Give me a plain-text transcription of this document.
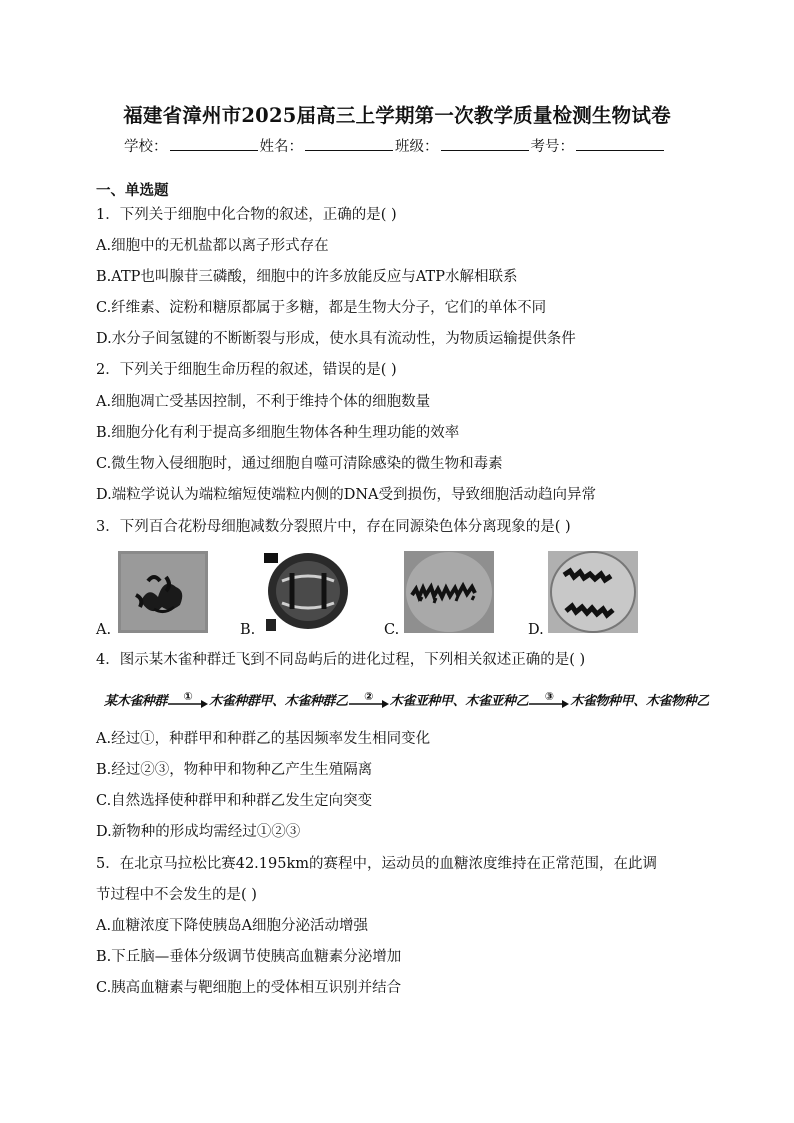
福建省漳州市2025届高三上学期第一次教学质量检测生物试卷
学校：	姓名：	班级：	考号：
一、单选题
1．下列关于细胞中化合物的叙述，正确的是( )
A.细胞中的无机盐都以离子形式存在
B.ATP也叫腺苷三磷酸，细胞中的许多放能反应与ATP水解相联系
C.纤维素、淀粉和糖原都属于多糖，都是生物大分子，它们的单体不同
D.水分子间氢键的不断断裂与形成，使水具有流动性，为物质运输提供条件
2．下列关于细胞生命历程的叙述，错误的是( )
A.细胞凋亡受基因控制，不利于维持个体的细胞数量
B.细胞分化有利于提高多细胞生物体各种生理功能的效率
C.微生物入侵细胞时，通过细胞自噬可清除感染的微生物和毒素
D.端粒学说认为端粒缩短使端粒内侧的DNA受到损伤，导致细胞活动趋向异常
3．下列百合花粉母细胞减数分裂照片中，存在同源染色体分离现象的是( )
A.	B.	C.	D.
4．图示某木雀种群迁飞到不同岛屿后的进化过程，下列相关叙述正确的是( )
某木雀种群 ① 木雀种群甲、木雀种群乙 ② 木雀亚种甲、木雀亚种乙 ③ 木雀物种甲、木雀物种乙
A.经过①，种群甲和种群乙的基因频率发生相同变化
B.经过②③，物种甲和物种乙产生生殖隔离
C.自然选择使种群甲和种群乙发生定向突变
D.新物种的形成均需经过①②③
5．在北京马拉松比赛42.195km的赛程中，运动员的血糖浓度维持在正常范围，在此调
节过程中不会发生的是( )
A.血糖浓度下降使胰岛A细胞分泌活动增强
B.下丘脑—垂体分级调节使胰高血糖素分泌增加
C.胰高血糖素与靶细胞上的受体相互识别并结合
